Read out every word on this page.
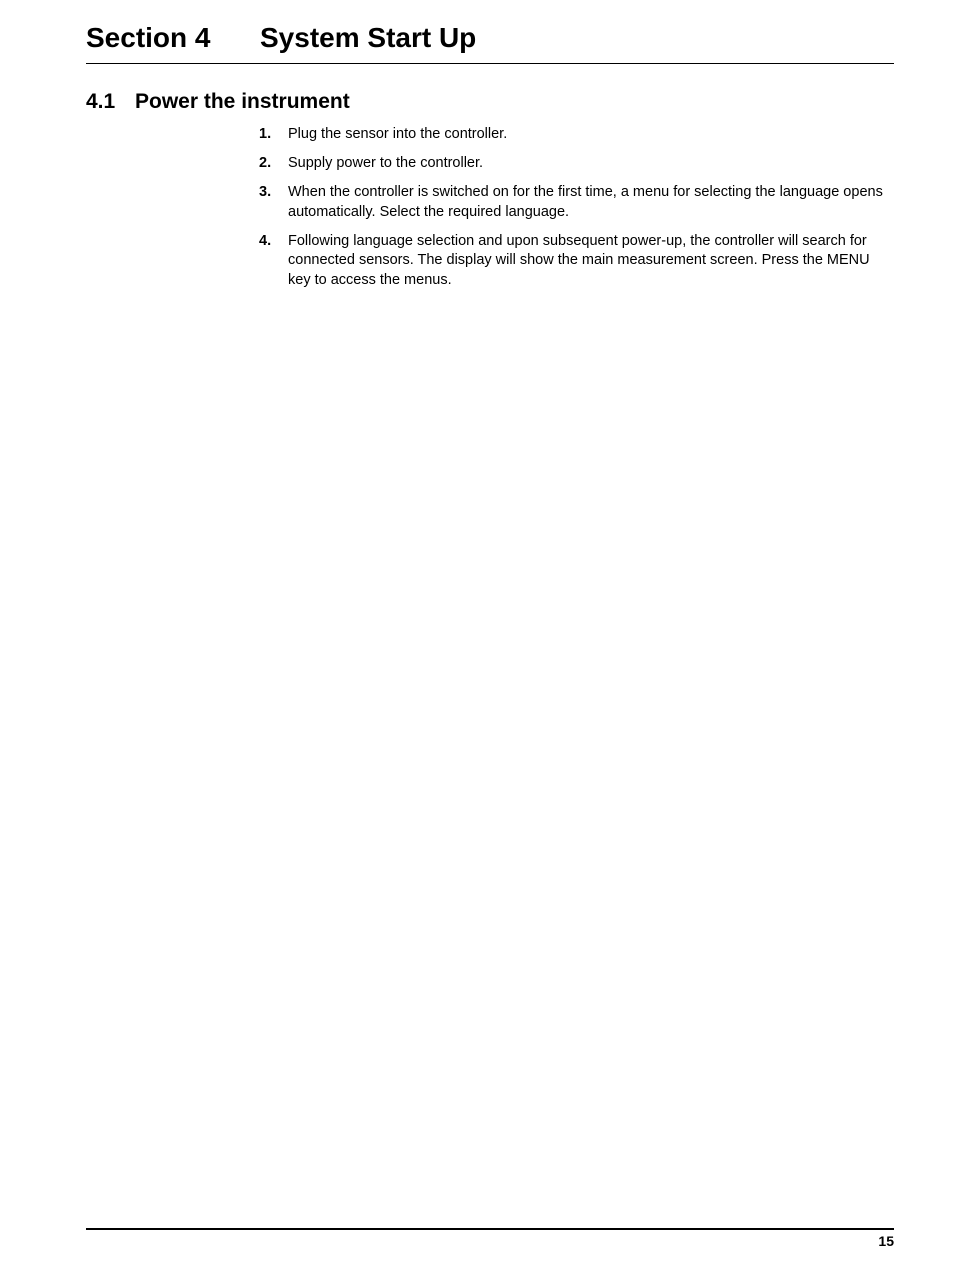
Section 4 System Start Up
4.1 Power the instrument
1. Plug the sensor into the controller.
2. Supply power to the controller.
3. When the controller is switched on for the first time, a menu for selecting the language opens automatically. Select the required language.
4. Following language selection and upon subsequent power-up, the controller will search for connected sensors. The display will show the main measurement screen. Press the MENU key to access the menus.
15
